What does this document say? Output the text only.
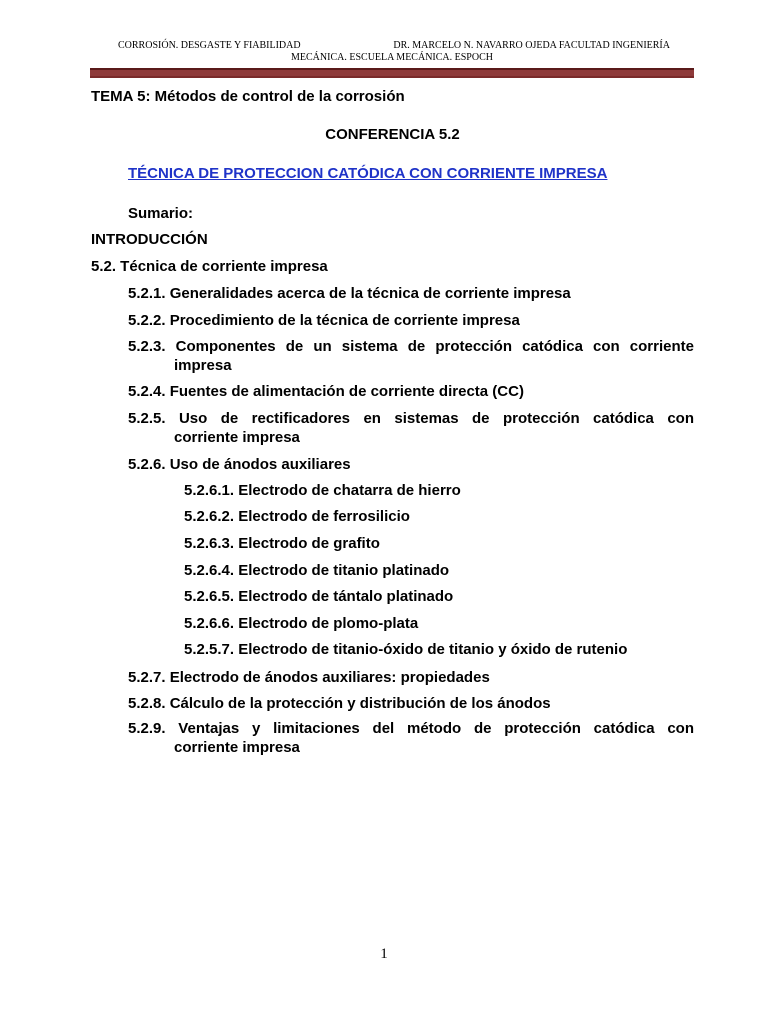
CORROSIÓN. DESGASTE Y FIABILIDAD	DR. MARCELO N. NAVARRO OJEDA FACULTAD INGENIERÍA
MECÁNICA. ESCUELA MECÁNICA. ESPOCH
TEMA 5: Métodos de control de la corrosión
CONFERENCIA 5.2
TÉCNICA DE PROTECCION CATÓDICA CON CORRIENTE IMPRESA
Sumario:
INTRODUCCIÓN
5.2. Técnica de corriente impresa
5.2.1. Generalidades acerca de la técnica de corriente impresa
5.2.2. Procedimiento de la técnica de corriente impresa
5.2.3. Componentes de un sistema de protección catódica con corriente
impresa
5.2.4. Fuentes de alimentación de corriente directa (CC)
5.2.5. Uso de rectificadores en sistemas de protección catódica con
corriente impresa
5.2.6. Uso de ánodos auxiliares
5.2.6.1. Electrodo de chatarra de hierro
5.2.6.2. Electrodo de ferrosilicio
5.2.6.3. Electrodo de grafito
5.2.6.4. Electrodo de titanio platinado
5.2.6.5. Electrodo de tántalo platinado
5.2.6.6. Electrodo de plomo-plata
5.2.5.7. Electrodo de titanio-óxido de titanio y óxido de rutenio
5.2.7. Electrodo de ánodos auxiliares: propiedades
5.2.8. Cálculo de la protección y distribución de los ánodos
5.2.9. Ventajas y limitaciones del método de protección catódica con
corriente impresa
1
